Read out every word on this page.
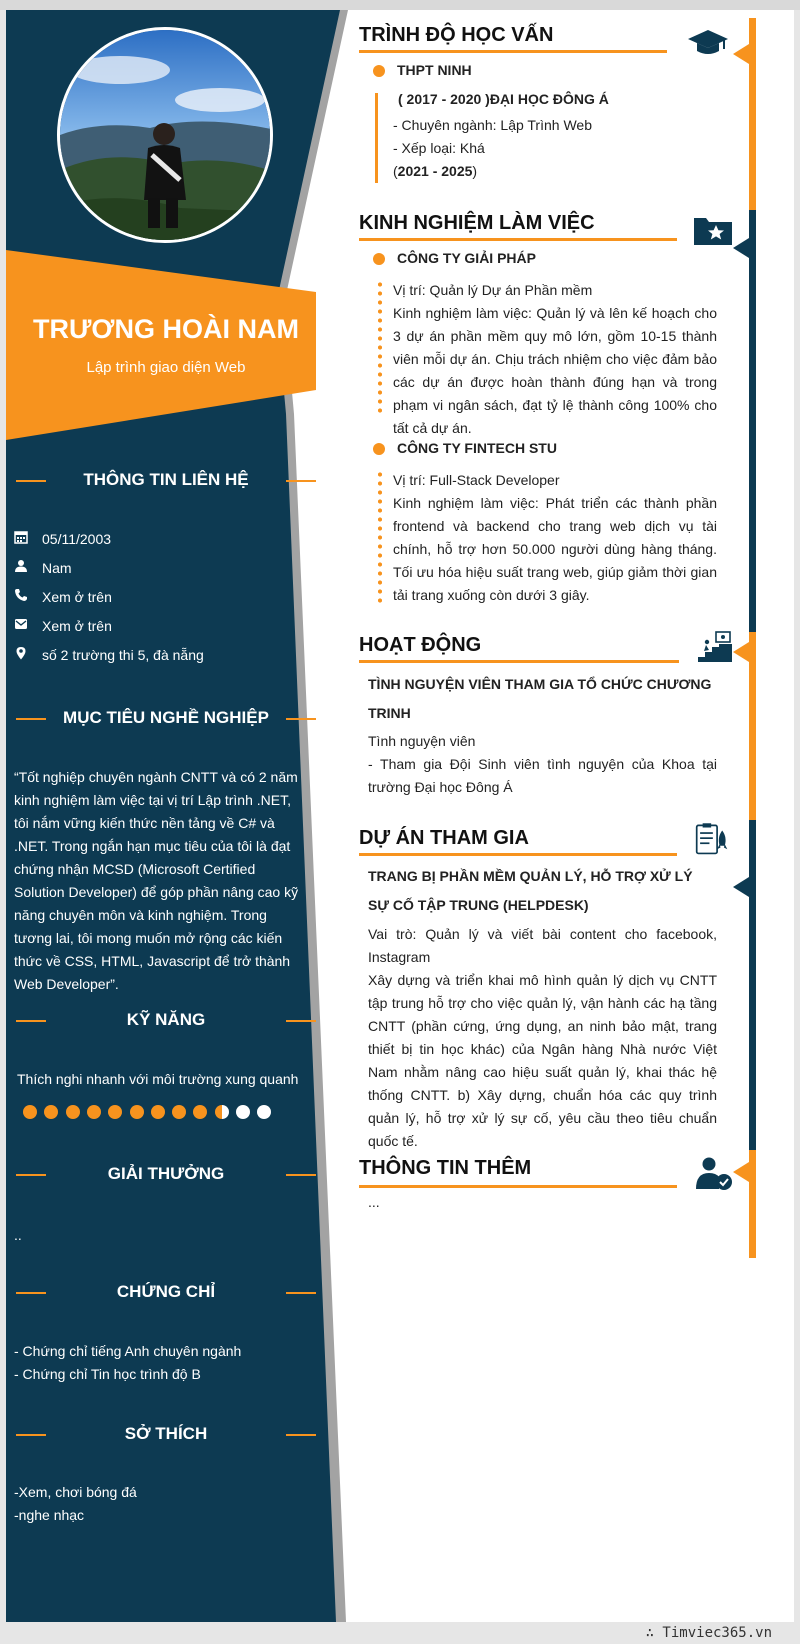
TRƯƠNG HOÀI NAM
Lập trình giao diện Web
THÔNG TIN LIÊN HỆ
05/11/2003
Nam
Xem ở trên
Xem ở trên
số 2 trường thi 5, đà nẵng
MỤC TIÊU NGHỀ NGHIỆP
“Tốt nghiệp chuyên ngành CNTT và có 2 năm kinh nghiệm làm việc tại vị trí Lập trình .NET, tôi nắm vững kiến thức nền tảng về C# và .NET. Trong ngắn hạn mục tiêu của tôi là đạt chứng nhận MCSD (Microsoft Certified Solution Developer) để góp phần nâng cao kỹ năng chuyên môn và kinh nghiệm. Trong tương lai, tôi mong muốn mở rộng các kiến thức về CSS, HTML, Javascript để trở thành Web Developer”.
KỸ NĂNG
Thích nghi nhanh với môi trường xung quanh
GIẢI THƯỞNG
..
CHỨNG CHỈ
- Chứng chỉ tiếng Anh chuyên ngành
- Chứng chỉ Tin học trình độ B
SỞ THÍCH
-Xem, chơi bóng đá
-nghe nhạc
TRÌNH ĐỘ HỌC VẤN
THPT NINH
( 2017 - 2020 )ĐẠI HỌC ĐÔNG Á
- Chuyên ngành: Lập Trình Web
- Xếp loại: Khá
(2021 - 2025)
KINH NGHIỆM LÀM VIỆC
CÔNG TY GIẢI PHÁP
Vị trí: Quản lý Dự án Phần mềm
Kinh nghiệm làm việc: Quản lý và lên kế hoạch cho 3 dự án phần mềm quy mô lớn, gồm 10-15 thành viên mỗi dự án. Chịu trách nhiệm cho việc đảm bảo các dự án được hoàn thành đúng hạn và trong phạm vi ngân sách, đạt tỷ lệ thành công 100% cho tất cả dự án.
CÔNG TY FINTECH STU
Vị trí: Full-Stack Developer
Kinh nghiệm làm việc: Phát triển các thành phần frontend và backend cho trang web dịch vụ tài chính, hỗ trợ hơn 50.000 người dùng hàng tháng. Tối ưu hóa hiệu suất trang web, giúp giảm thời gian tải trang xuống còn dưới 3 giây.
HOẠT ĐỘNG
TÌNH NGUYỆN VIÊN THAM GIA TỔ CHỨC CHƯƠNG TRINH
Tình nguyện viên
- Tham gia Đội Sinh viên tình nguyện của Khoa tại trường Đại học Đông Á
DỰ ÁN THAM GIA
TRANG BỊ PHẦN MỀM QUẢN LÝ, HỖ TRỢ XỬ LÝ SỰ CỐ TẬP TRUNG (HELPDESK)
Vai trò: Quản lý và viết bài content cho facebook, Instagram
Xây dựng và triển khai mô hình quản lý dịch vụ CNTT tập trung hỗ trợ cho việc quản lý, vận hành các hạ tầng CNTT (phần cứng, ứng dụng, an ninh bảo mật, trang thiết bị tin học khác) của Ngân hàng Nhà nước Việt Nam nhằm nâng cao hiệu suất quản lý, khai thác hệ thống CNTT. b) Xây dựng, chuẩn hóa các quy trình quản lý, hỗ trợ xử lý sự cố, yêu cầu theo tiêu chuẩn quốc tế.
THÔNG TIN THÊM
...
∴ Timviec365.vn
